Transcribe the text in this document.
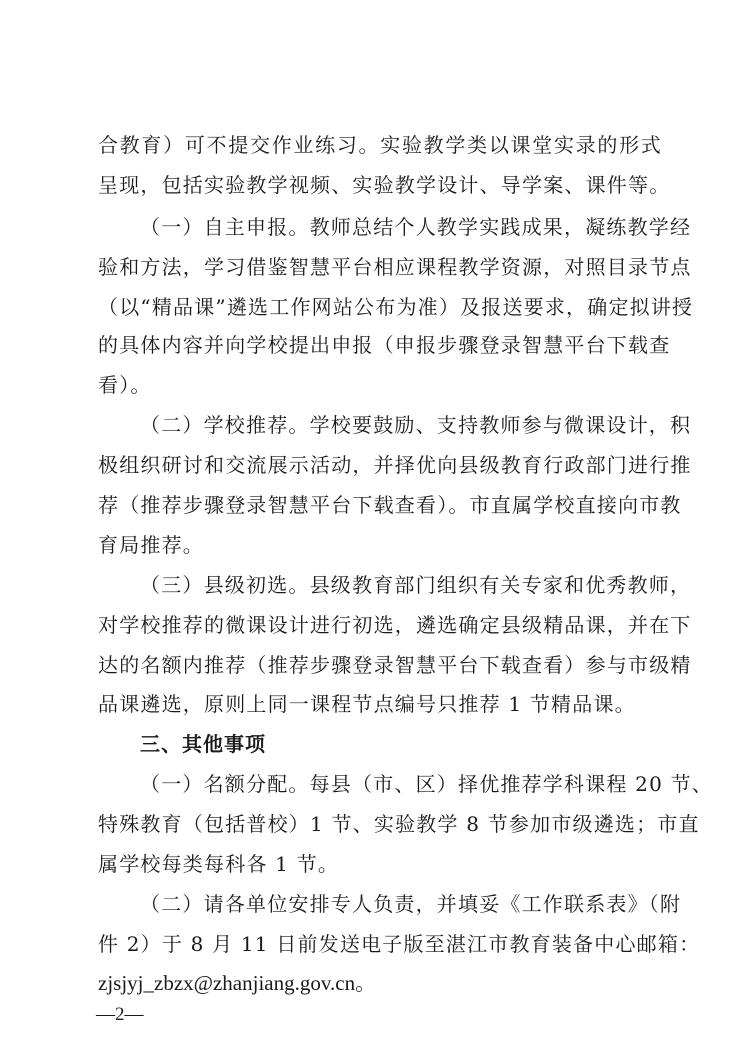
合教育）可不提交作业练习。实验教学类以课堂实录的形式
呈现，包括实验教学视频、实验教学设计、导学案、课件等。
（一）自主申报。教师总结个人教学实践成果，凝练教学经
验和方法，学习借鉴智慧平台相应课程教学资源，对照目录节点
（以“精品课”遴选工作网站公布为准）及报送要求，确定拟讲授
的具体内容并向学校提出申报（申报步骤登录智慧平台下载查
看）。
（二）学校推荐。学校要鼓励、支持教师参与微课设计，积
极组织研讨和交流展示活动，并择优向县级教育行政部门进行推
荐（推荐步骤登录智慧平台下载查看）。市直属学校直接向市教
育局推荐。
（三）县级初选。县级教育部门组织有关专家和优秀教师，
对学校推荐的微课设计进行初选，遴选确定县级精品课，并在下
达的名额内推荐（推荐步骤登录智慧平台下载查看）参与市级精
品课遴选，原则上同一课程节点编号只推荐 1 节精品课。
三、其他事项
（一）名额分配。每县（市、区）择优推荐学科课程 20 节、
特殊教育（包括普校）1 节、实验教学 8 节参加市级遴选；市直
属学校每类每科各 1 节。
（二）请各单位安排专人负责，并填妥《工作联系表》（附
件 2）于 8 月 11 日前发送电子版至湛江市教育装备中心邮箱：
zjsjyj_zbzx@zhanjiang.gov.cn。
—2—
